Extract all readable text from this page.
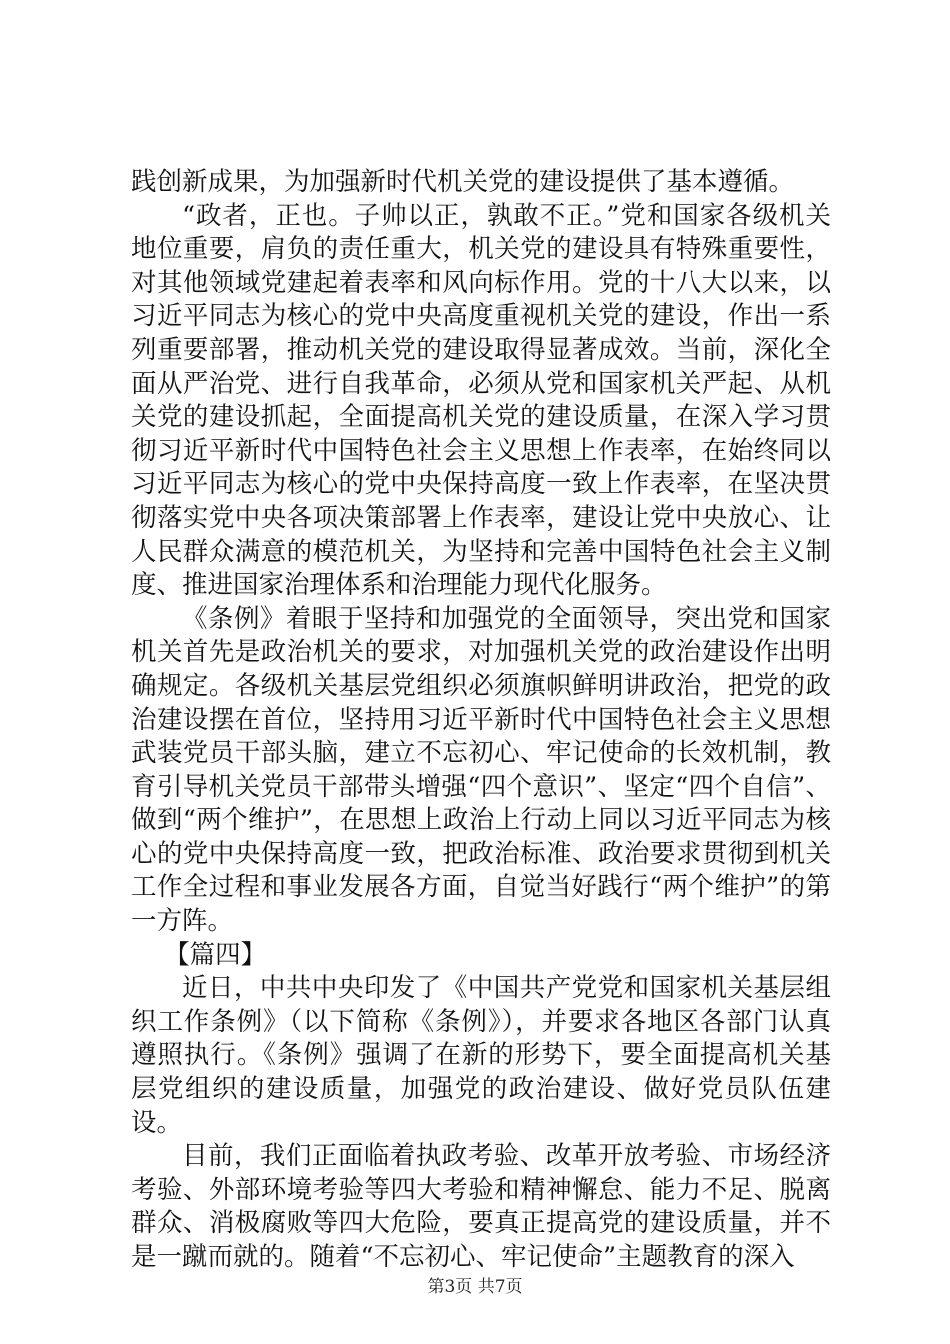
践创新成果，为加强新时代机关党的建设提供了基本遵循。

“政者，正也。子帅以正，孰敢不正。”党和国家各级机关地位重要，肩负的责任重大，机关党的建设具有特殊重要性，对其他领域党建起着表率和风向标作用。党的十八大以来，以习近平同志为核心的党中央高度重视机关党的建设，作出一系列重要部署，推动机关党的建设取得显著成效。当前，深化全面从严治党、进行自我革命，必须从党和国家机关严起、从机关党的建设抓起，全面提高机关党的建设质量，在深入学习贯彻习近平新时代中国特色社会主义思想上作表率，在始终同以习近平同志为核心的党中央保持高度一致上作表率，在坚决贯彻落实党中央各项决策部署上作表率，建设让党中央放心、让人民群众满意的模范机关，为坚持和完善中国特色社会主义制度、推进国家治理体系和治理能力现代化服务。

《条例》着眼于坚持和加强党的全面领导，突出党和国家机关首先是政治机关的要求，对加强机关党的政治建设作出明确规定。各级机关基层党组织必须旗帜鲜明讲政治，把党的政治建设摆在首位，坚持用习近平新时代中国特色社会主义思想武装党员干部头脑，建立不忘初心、牢记使命的长效机制，教育引导机关党员干部带头增强“四个意识”、坚定“四个自信”、做到“两个维护”，在思想上政治上行动上同以习近平同志为核心的党中央保持高度一致，把政治标准、政治要求贯彻到机关工作全过程和事业发展各方面，自觉当好践行“两个维护”的第一方阵。

【篇四】

近日，中共中央印发了《中国共产党党和国家机关基层组织工作条例》（以下简称《条例》），并要求各地区各部门认真遵照执行。《条例》强调了在新的形势下，要全面提高机关基层党组织的建设质量，加强党的政治建设、做好党员队伍建设。

目前，我们正面临着执政考验、改革开放考验、市场经济考验、外部环境考验等四大考验和精神懈怠、能力不足、脱离群众、消极腐败等四大危险，要真正提高党的建设质量，并不是一蹴而就的。随着“不忘初心、牢记使命”主题教育的深入

第3页 共7页
